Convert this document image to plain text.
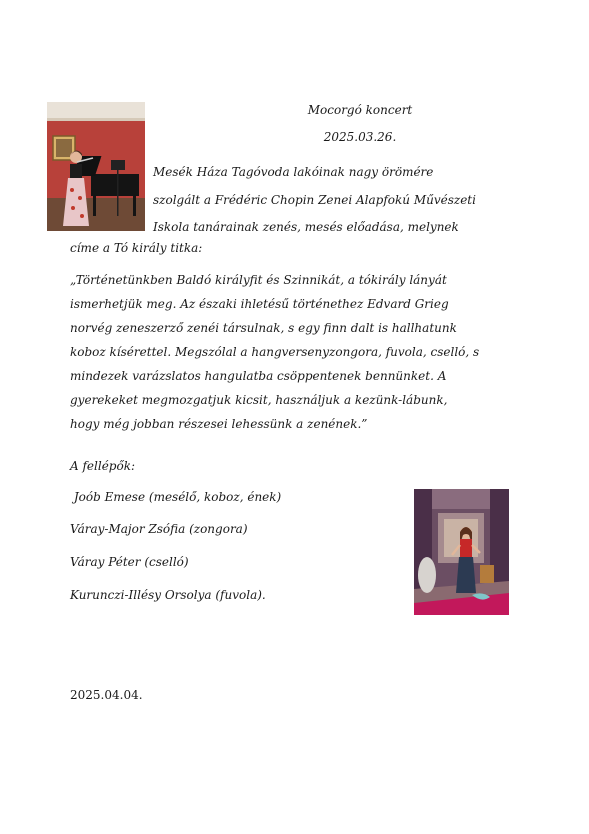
Mocorgó koncert

2025.03.26.

Mesék Háza Tagóvoda lakóinak nagy örömére

szolgált a Frédéric Chopin Zenei Alapfokú Művészeti

Iskola tanárainak zenés, mesés előadása, melynek

címe a Tó király titka:

„Történetünkben Baldó királyfit és Szinnikát, a tókirály lányát
ismerhetjük meg. Az északi ihletésű történethez Edvard Grieg
norvég zeneszerző zenéi társulnak, s egy finn dalt is hallhatunk
koboz kísérettel. Megszólal a hangversenyzongora, fuvola, cselló, s
mindezek varázslatos hangulatba csöppentenek bennünket. A
gyerekeket megmozgatjuk kicsit, használjuk a kezünk-lábunk,
hogy még jobban részesei lehessünk a zenének.”

A fellépők:

Joób Emese (mesélő, koboz, ének)

Váray-Major Zsófia (zongora)

Váray Péter (cselló)

Kurunczi-Illésy Orsolya (fuvola).

2025.04.04.
